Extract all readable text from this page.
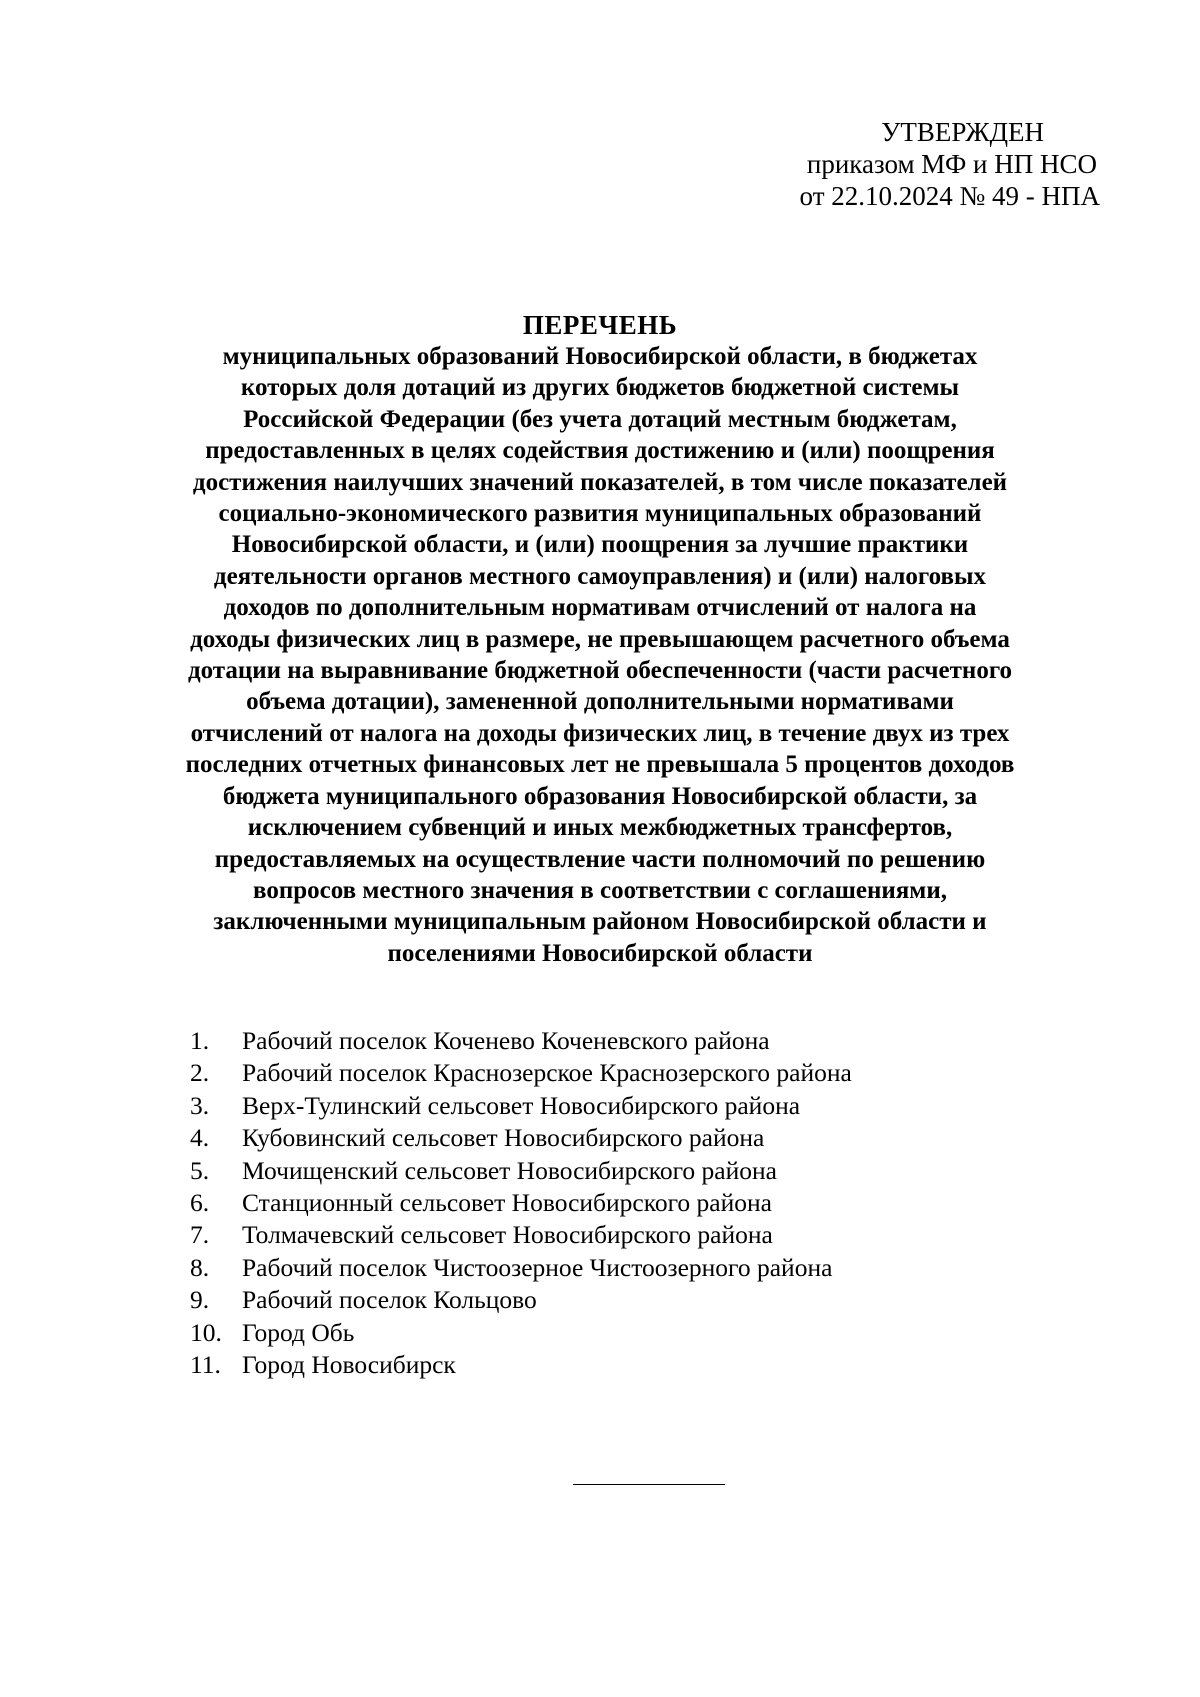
УТВЕРЖДЕН
приказом МФ и НП НСО
от 22.10.2024 № 49 - НПА
ПЕРЕЧЕНЬ
муниципальных образований Новосибирской области, в бюджетах
которых доля дотаций из других бюджетов бюджетной системы
Российской Федерации (без учета дотаций местным бюджетам,
предоставленных в целях содействия достижению и (или) поощрения
достижения наилучших значений показателей, в том числе показателей
социально-экономического развития муниципальных образований
Новосибирской области, и (или) поощрения за лучшие практики
деятельности органов местного самоуправления) и (или) налоговых
доходов по дополнительным нормативам отчислений от налога на
доходы физических лиц в размере, не превышающем расчетного объема
дотации на выравнивание бюджетной обеспеченности (части расчетного
объема дотации), замененной дополнительными нормативами
отчислений от налога на доходы физических лиц, в течение двух из трех
последних отчетных финансовых лет не превышала 5 процентов доходов
бюджета муниципального образования Новосибирской области, за
исключением субвенций и иных межбюджетных трансфертов,
предоставляемых на осуществление части полномочий по решению
вопросов местного значения в соответствии с соглашениями,
заключенными муниципальным районом Новосибирской области и
поселениями Новосибирской области
1.	Рабочий поселок Коченево Коченевского района
2.	Рабочий поселок Краснозерское Краснозерского района
3.	Верх-Тулинский сельсовет Новосибирского района
4.	Кубовинский сельсовет Новосибирского района
5.	Мочищенский сельсовет Новосибирского района
6.	Станционный сельсовет Новосибирского района
7.	Толмачевский сельсовет Новосибирского района
8.	Рабочий поселок Чистоозерное Чистоозерного района
9.	Рабочий поселок Кольцово
10. Город Обь
11. Город Новосибирск
